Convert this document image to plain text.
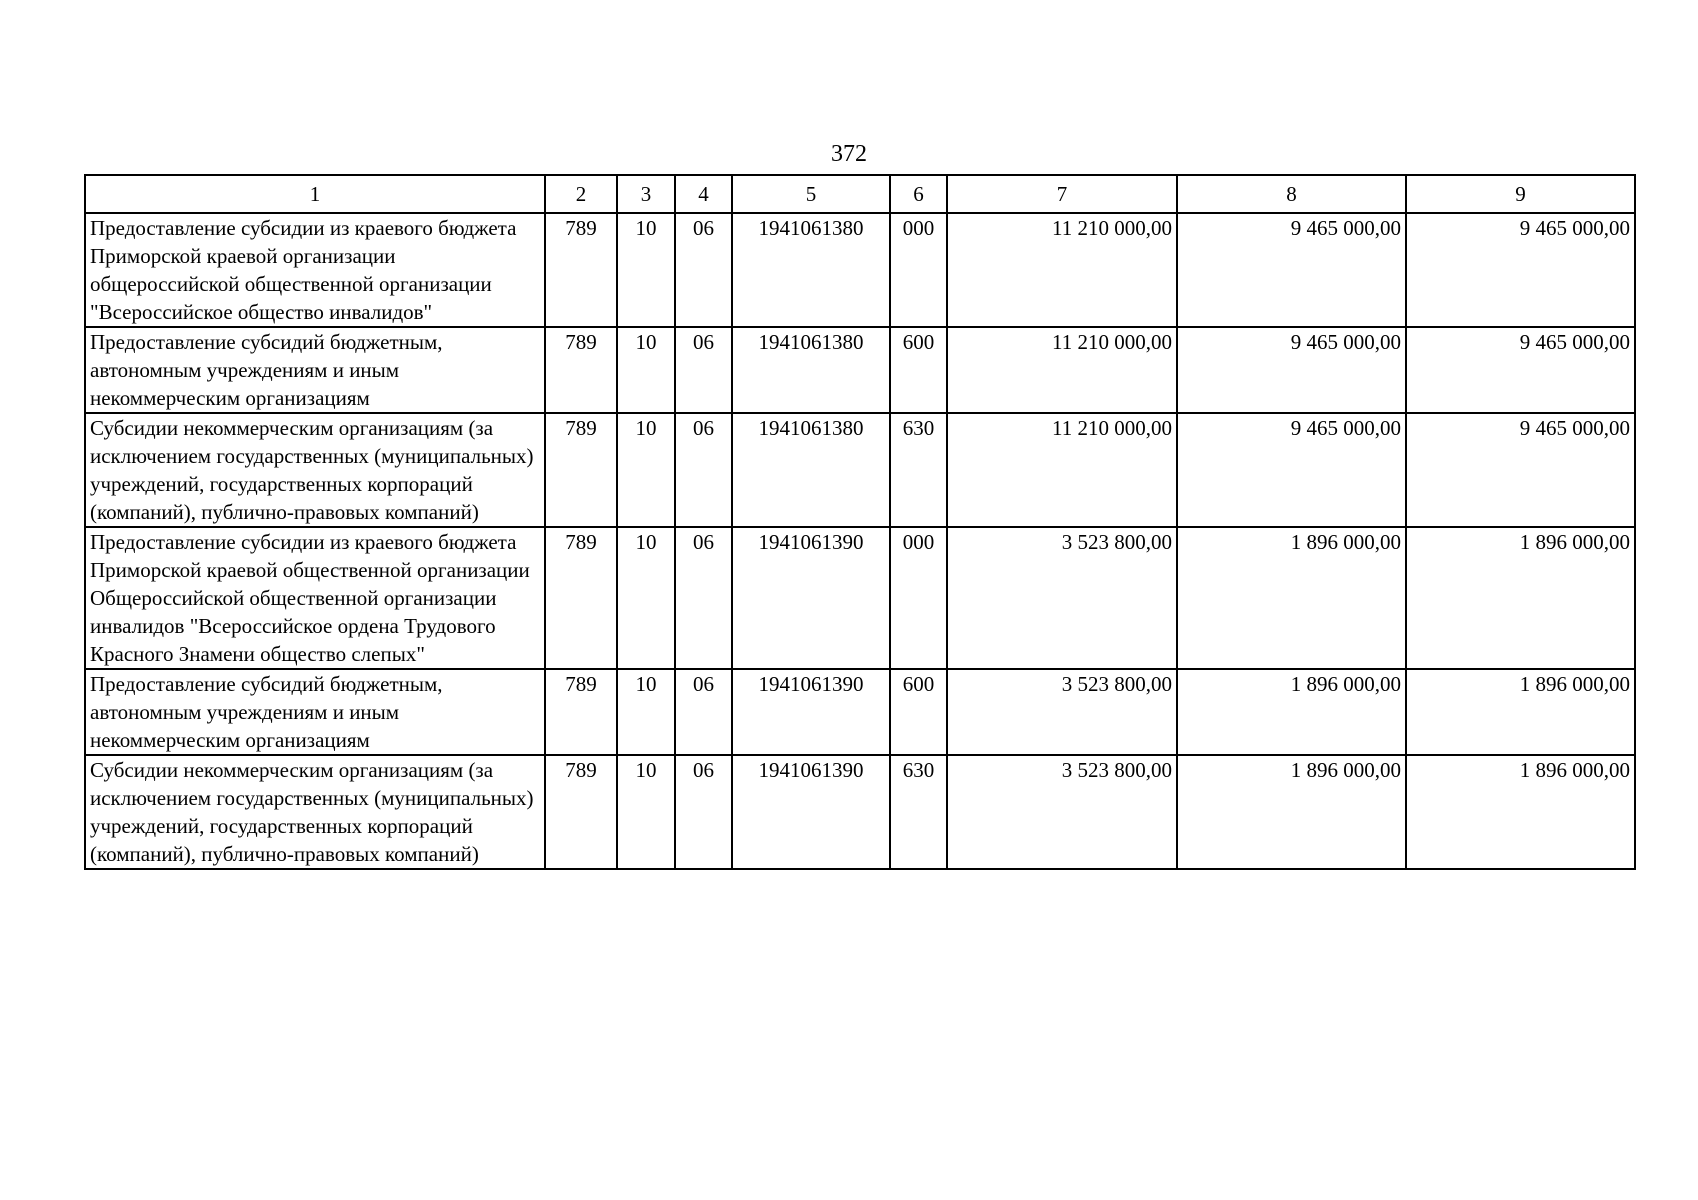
372
1	2	3	4	5	6	7	8	9
Предоставление субсидии из краевого бюджета Приморской краевой организации общероссийской общественной организации "Всероссийское общество инвалидов"	789	10	06	1941061380	000	11 210 000,00	9 465 000,00	9 465 000,00
Предоставление субсидий бюджетным, автономным учреждениям и иным некоммерческим организациям	789	10	06	1941061380	600	11 210 000,00	9 465 000,00	9 465 000,00
Субсидии некоммерческим организациям (за исключением государственных (муниципальных) учреждений, государственных корпораций (компаний), публично-правовых компаний)	789	10	06	1941061380	630	11 210 000,00	9 465 000,00	9 465 000,00
Предоставление субсидии из краевого бюджета Приморской краевой общественной организации Общероссийской общественной организации инвалидов "Всероссийское ордена Трудового Красного Знамени общество слепых"	789	10	06	1941061390	000	3 523 800,00	1 896 000,00	1 896 000,00
Предоставление субсидий бюджетным, автономным учреждениям и иным некоммерческим организациям	789	10	06	1941061390	600	3 523 800,00	1 896 000,00	1 896 000,00
Субсидии некоммерческим организациям (за исключением государственных (муниципальных) учреждений, государственных корпораций (компаний), публично-правовых компаний)	789	10	06	1941061390	630	3 523 800,00	1 896 000,00	1 896 000,00
